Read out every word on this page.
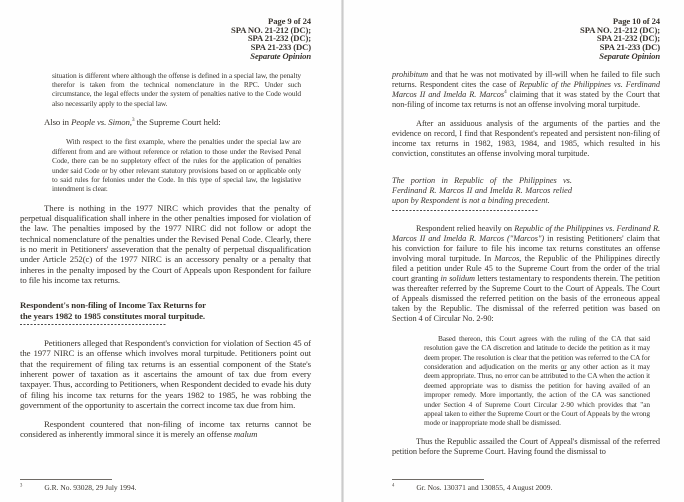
Page 9 of 24
SPA NO. 21-212 (DC);
SPA 21-232 (DC);
SPA 21-233 (DC)
Separate Opinion
situation is different where although the offense is defined in a special law, the penalty therefor is taken from the technical nomenclature in the RPC. Under such circumstance, the legal effects under the system of penalties native to the Code would also necessarily apply to the special law.
Also in People vs. Simon,$^3$ the Supreme Court held:
With respect to the first example, where the penalties under the special law are different from and are without reference or relation to those under the Revised Penal Code, there can be no suppletory effect of the rules for the application of penalties under said Code or by other relevant statutory provisions based on or applicable only to said rules for felonies under the Code. In this type of special law, the legislative intendment is clear.
There is nothing in the 1977 NIRC which provides that the penalty of perpetual disqualification shall inhere in the other penalties imposed for violation of the law. The penalties imposed by the 1977 NIRC did not follow or adopt the technical nomenclature of the penalties under the Revised Penal Code. Clearly, there is no merit in Petitioners' asseveration that the penalty of perpetual disqualification under Article 252(c) of the 1977 NIRC is an accessory penalty or a penalty that inheres in the penalty imposed by the Court of Appeals upon Respondent for failure to file his income tax returns.
Respondent's non-filing of Income Tax Returns for the years 1982 to 1985 constitutes moral turpitude.
Petitioners alleged that Respondent's conviction for violation of Section 45 of the 1977 NIRC is an offense which involves moral turpitude. Petitioners point out that the requirement of filing tax returns is an essential component of the State's inherent power of taxation as it ascertains the amount of tax due from every taxpayer. Thus, according to Petitioners, when Respondent decided to evade his duty of filing his income tax returns for the years 1982 to 1985, he was robbing the government of the opportunity to ascertain the correct income tax due from him.
Respondent countered that non-filing of income tax returns cannot be considered as inherently immoral since it is merely an offense malum
$^3$	G.R. No. 93028, 29 July 1994.
Page 10 of 24
SPA NO. 21-212 (DC);
SPA 21-232 (DC);
SPA 21-233 (DC)
Separate Opinion
prohibitum and that he was not motivated by ill-will when he failed to file such returns. Respondent cites the case of Republic of the Philippines vs. Ferdinand Marcos II and Imelda R. Marcos$^4$ claiming that it was stated by the Court that non-filing of income tax returns is not an offense involving moral turpitude.
After an assiduous analysis of the arguments of the parties and the evidence on record, I find that Respondent's repeated and persistent non-filing of income tax returns in 1982, 1983, 1984, and 1985, which resulted in his conviction, constitutes an offense involving moral turpitude.
The portion in Republic of the Philippines vs. Ferdinand R. Marcos II and Imelda R. Marcos relied upon by Respondent is not a binding precedent.
Respondent relied heavily on Republic of the Philippines vs. Ferdinand R. Marcos II and Imelda R. Marcos ("Marcos") in resisting Petitioners' claim that his conviction for failure to file his income tax returns constitutes an offense involving moral turpitude. In Marcos, the Republic of the Philippines directly filed a petition under Rule 45 to the Supreme Court from the order of the trial court granting in solidum letters testamentary to respondents therein. The petition was thereafter referred by the Supreme Court to the Court of Appeals. The Court of Appeals dismissed the referred petition on the basis of the erroneous appeal taken by the Republic. The dismissal of the referred petition was based on Section 4 of Circular No. 2-90:
Based thereon, this Court agrees with the ruling of the CA that said resolution gave the CA discretion and latitude to decide the petition as it may deem proper. The resolution is clear that the petition was referred to the CA for consideration and adjudication on the merits or any other action as it may deem appropriate. Thus, no error can be attributed to the CA when the action it deemed appropriate was to dismiss the petition for having availed of an improper remedy. More importantly, the action of the CA was sanctioned under Section 4 of Supreme Court Circular 2-90 which provides that "an appeal taken to either the Supreme Court or the Court of Appeals by the wrong mode or inappropriate mode shall be dismissed.
Thus the Republic assailed the Court of Appeal's dismissal of the referred petition before the Supreme Court. Having found the dismissal to
$^4$	Gr. Nos. 130371 and 130855, 4 August 2009.
